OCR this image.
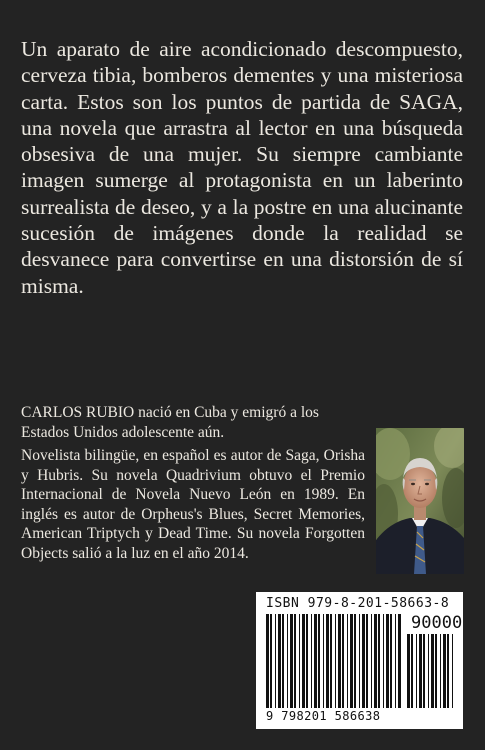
Un aparato de aire acondicionado descompuesto, cerveza tibia, bomberos dementes y una misteriosa carta. Estos son los puntos de partida de SAGA, una novela que arrastra al lector en una búsqueda obsesiva de una mujer. Su siempre cambiante imagen sumerge al protagonista en un laberinto surrealista de deseo, y a la postre en una alucinante sucesión de imágenes donde la realidad se desvanece para convertirse en una distorsión de sí misma.

CARLOS RUBIO nació en Cuba y emigró a los Estados Unidos adolescente aún.

Novelista bilingüe, en español es autor de Saga, Orisha y Hubris. Su novela Quadrivium obtuvo el Premio Internacional de Novela Nuevo León en 1989. En inglés es autor de Orpheus's Blues, Secret Memories, American Triptych y Dead Time. Su novela Forgotten Objects salió a la luz en el año 2014.

ISBN 979-8-201-58663-8
90000
9 798201 586638
